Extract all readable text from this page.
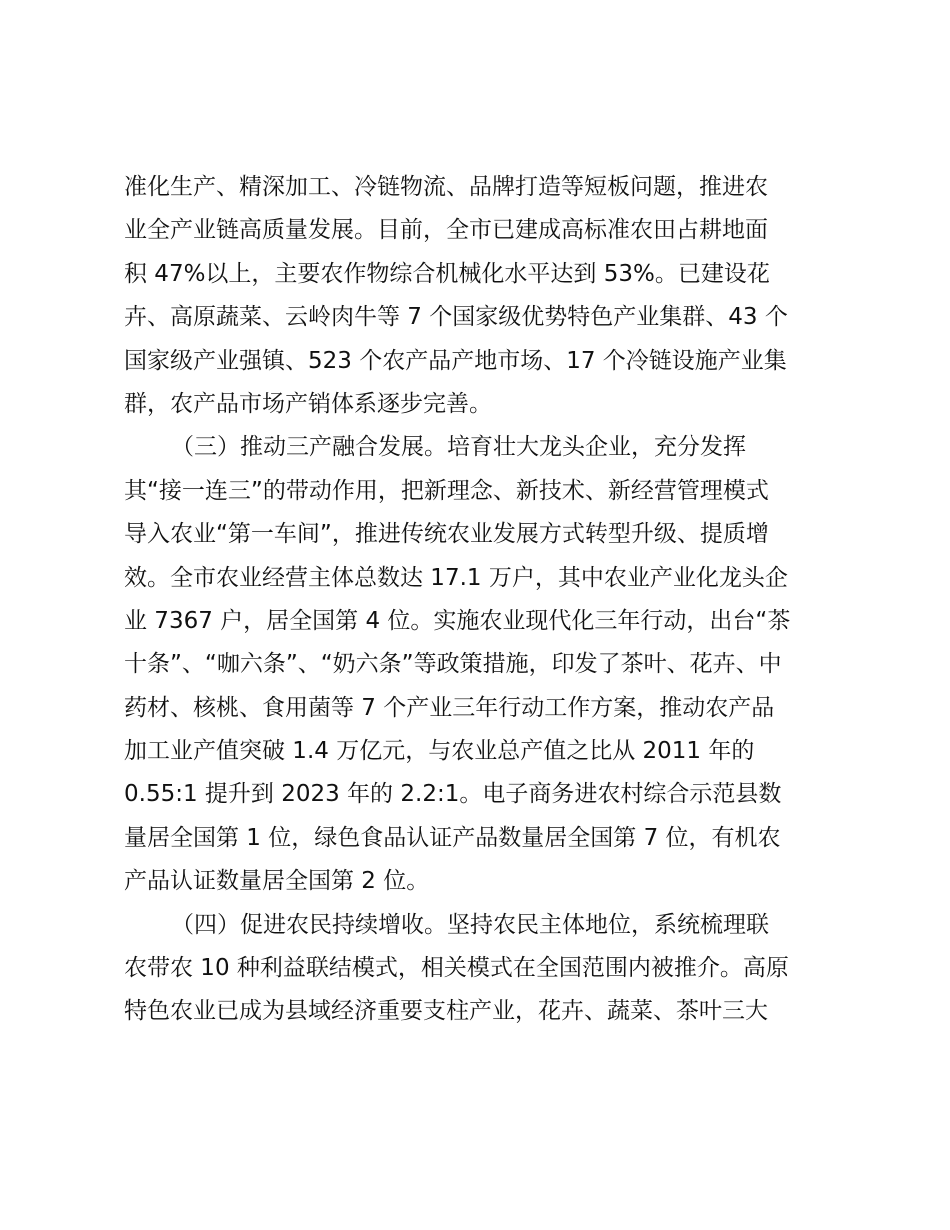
准化生产、精深加工、冷链物流、品牌打造等短板问题，推进农
业全产业链高质量发展。目前，全市已建成高标准农田占耕地面
积 47%以上，主要农作物综合机械化水平达到 53%。已建设花
卉、高原蔬菜、云岭肉牛等 7 个国家级优势特色产业集群、43 个
国家级产业强镇、523 个农产品产地市场、17 个冷链设施产业集
群，农产品市场产销体系逐步完善。
（三）推动三产融合发展。培育壮大龙头企业，充分发挥
其“接一连三”的带动作用，把新理念、新技术、新经营管理模式
导入农业“第一车间”，推进传统农业发展方式转型升级、提质增
效。全市农业经营主体总数达 17.1 万户，其中农业产业化龙头企
业 7367 户，居全国第 4 位。实施农业现代化三年行动，出台“茶
十条”、“咖六条”、“奶六条”等政策措施，印发了茶叶、花卉、中
药材、核桃、食用菌等 7 个产业三年行动工作方案，推动农产品
加工业产值突破 1.4 万亿元，与农业总产值之比从 2011 年的
0.55:1 提升到 2023 年的 2.2:1。电子商务进农村综合示范县数
量居全国第 1 位，绿色食品认证产品数量居全国第 7 位，有机农
产品认证数量居全国第 2 位。
（四）促进农民持续增收。坚持农民主体地位，系统梳理联
农带农 10 种利益联结模式，相关模式在全国范围内被推介。高原
特色农业已成为县域经济重要支柱产业，花卉、蔬菜、茶叶三大
